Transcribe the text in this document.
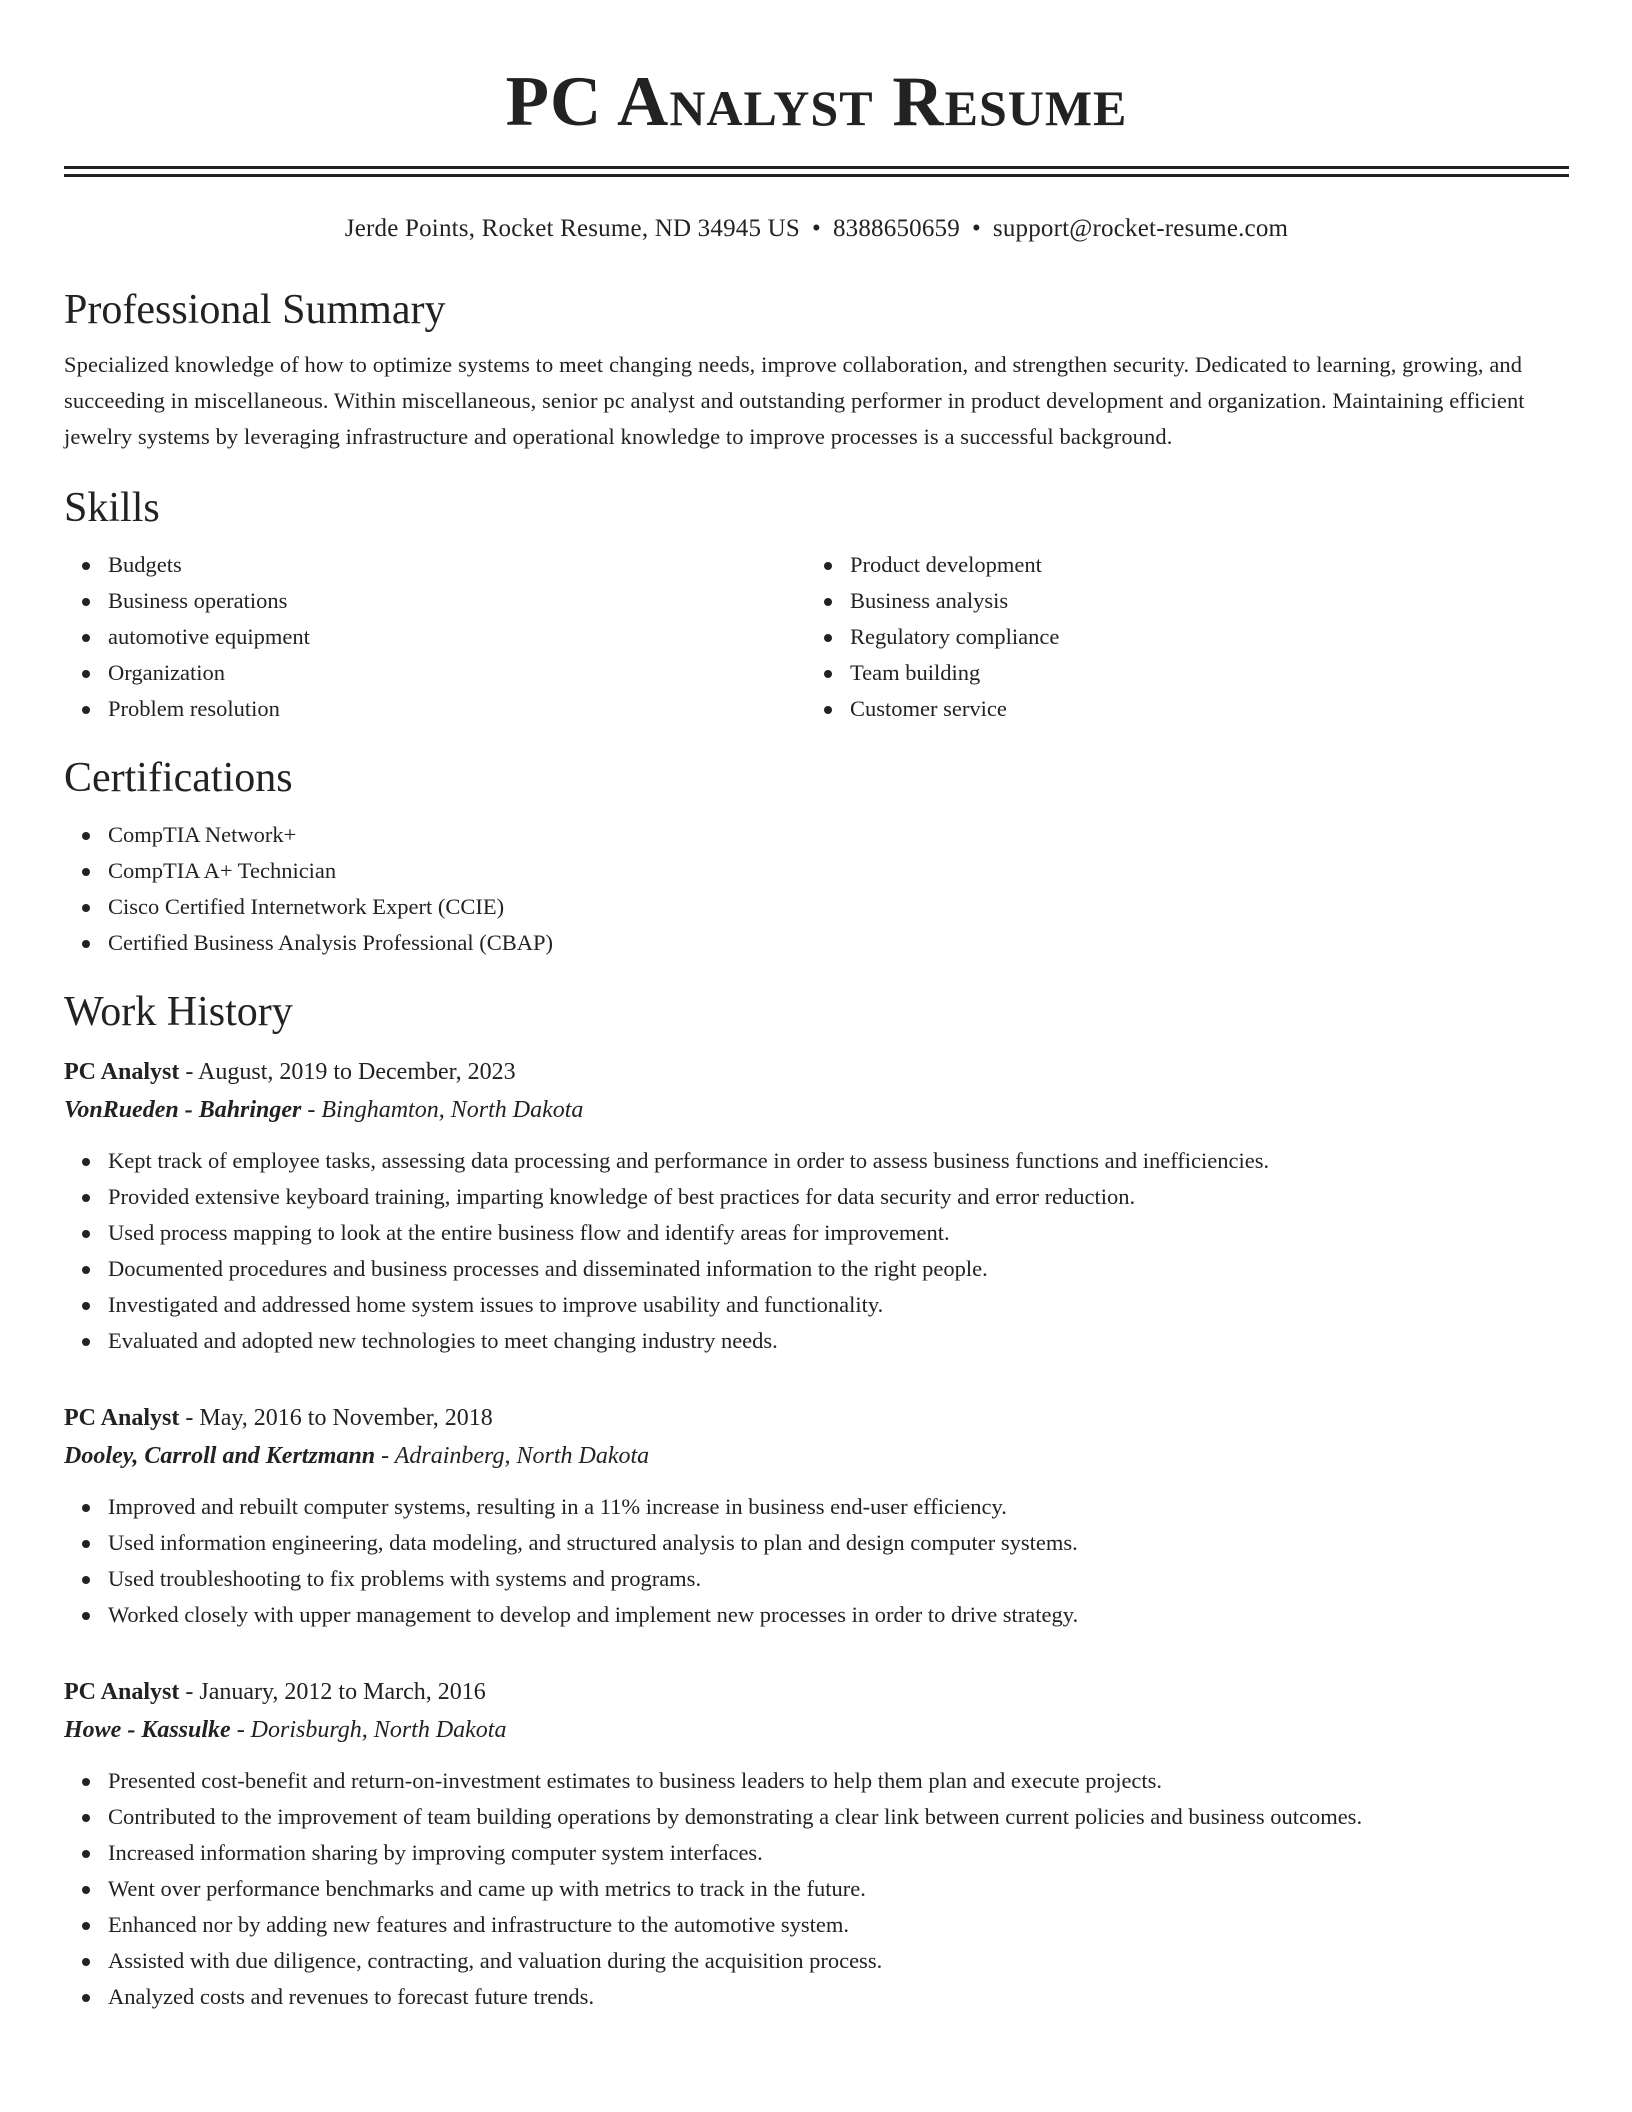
PC Analyst Resume
Jerde Points, Rocket Resume, ND 34945 US • 8388650659 • support@rocket-resume.com
Professional Summary

Specialized knowledge of how to optimize systems to meet changing needs, improve collaboration, and strengthen security. Dedicated to learning, growing, and succeeding in miscellaneous. Within miscellaneous, senior pc analyst and outstanding performer in product development and organization. Maintaining efficient jewelry systems by leveraging infrastructure and operational knowledge to improve processes is a successful background.

Skills
Budgets
Business operations
automotive equipment
Organization
Problem resolution
Product development
Business analysis
Regulatory compliance
Team building
Customer service
Certifications
CompTIA Network+
CompTIA A+ Technician
Cisco Certified Internetwork Expert (CCIE)
Certified Business Analysis Professional (CBAP)
Work History
PC Analyst - August, 2019 to December, 2023
VonRueden - Bahringer - Binghamton, North Dakota
Kept track of employee tasks, assessing data processing and performance in order to assess business functions and inefficiencies.
Provided extensive keyboard training, imparting knowledge of best practices for data security and error reduction.
Used process mapping to look at the entire business flow and identify areas for improvement.
Documented procedures and business processes and disseminated information to the right people.
Investigated and addressed home system issues to improve usability and functionality.
Evaluated and adopted new technologies to meet changing industry needs.
PC Analyst - May, 2016 to November, 2018
Dooley, Carroll and Kertzmann - Adrainberg, North Dakota
Improved and rebuilt computer systems, resulting in a 11% increase in business end-user efficiency.
Used information engineering, data modeling, and structured analysis to plan and design computer systems.
Used troubleshooting to fix problems with systems and programs.
Worked closely with upper management to develop and implement new processes in order to drive strategy.
PC Analyst - January, 2012 to March, 2016
Howe - Kassulke - Dorisburgh, North Dakota
Presented cost-benefit and return-on-investment estimates to business leaders to help them plan and execute projects.
Contributed to the improvement of team building operations by demonstrating a clear link between current policies and business outcomes.
Increased information sharing by improving computer system interfaces.
Went over performance benchmarks and came up with metrics to track in the future.
Enhanced nor by adding new features and infrastructure to the automotive system.
Assisted with due diligence, contracting, and valuation during the acquisition process.
Analyzed costs and revenues to forecast future trends.
